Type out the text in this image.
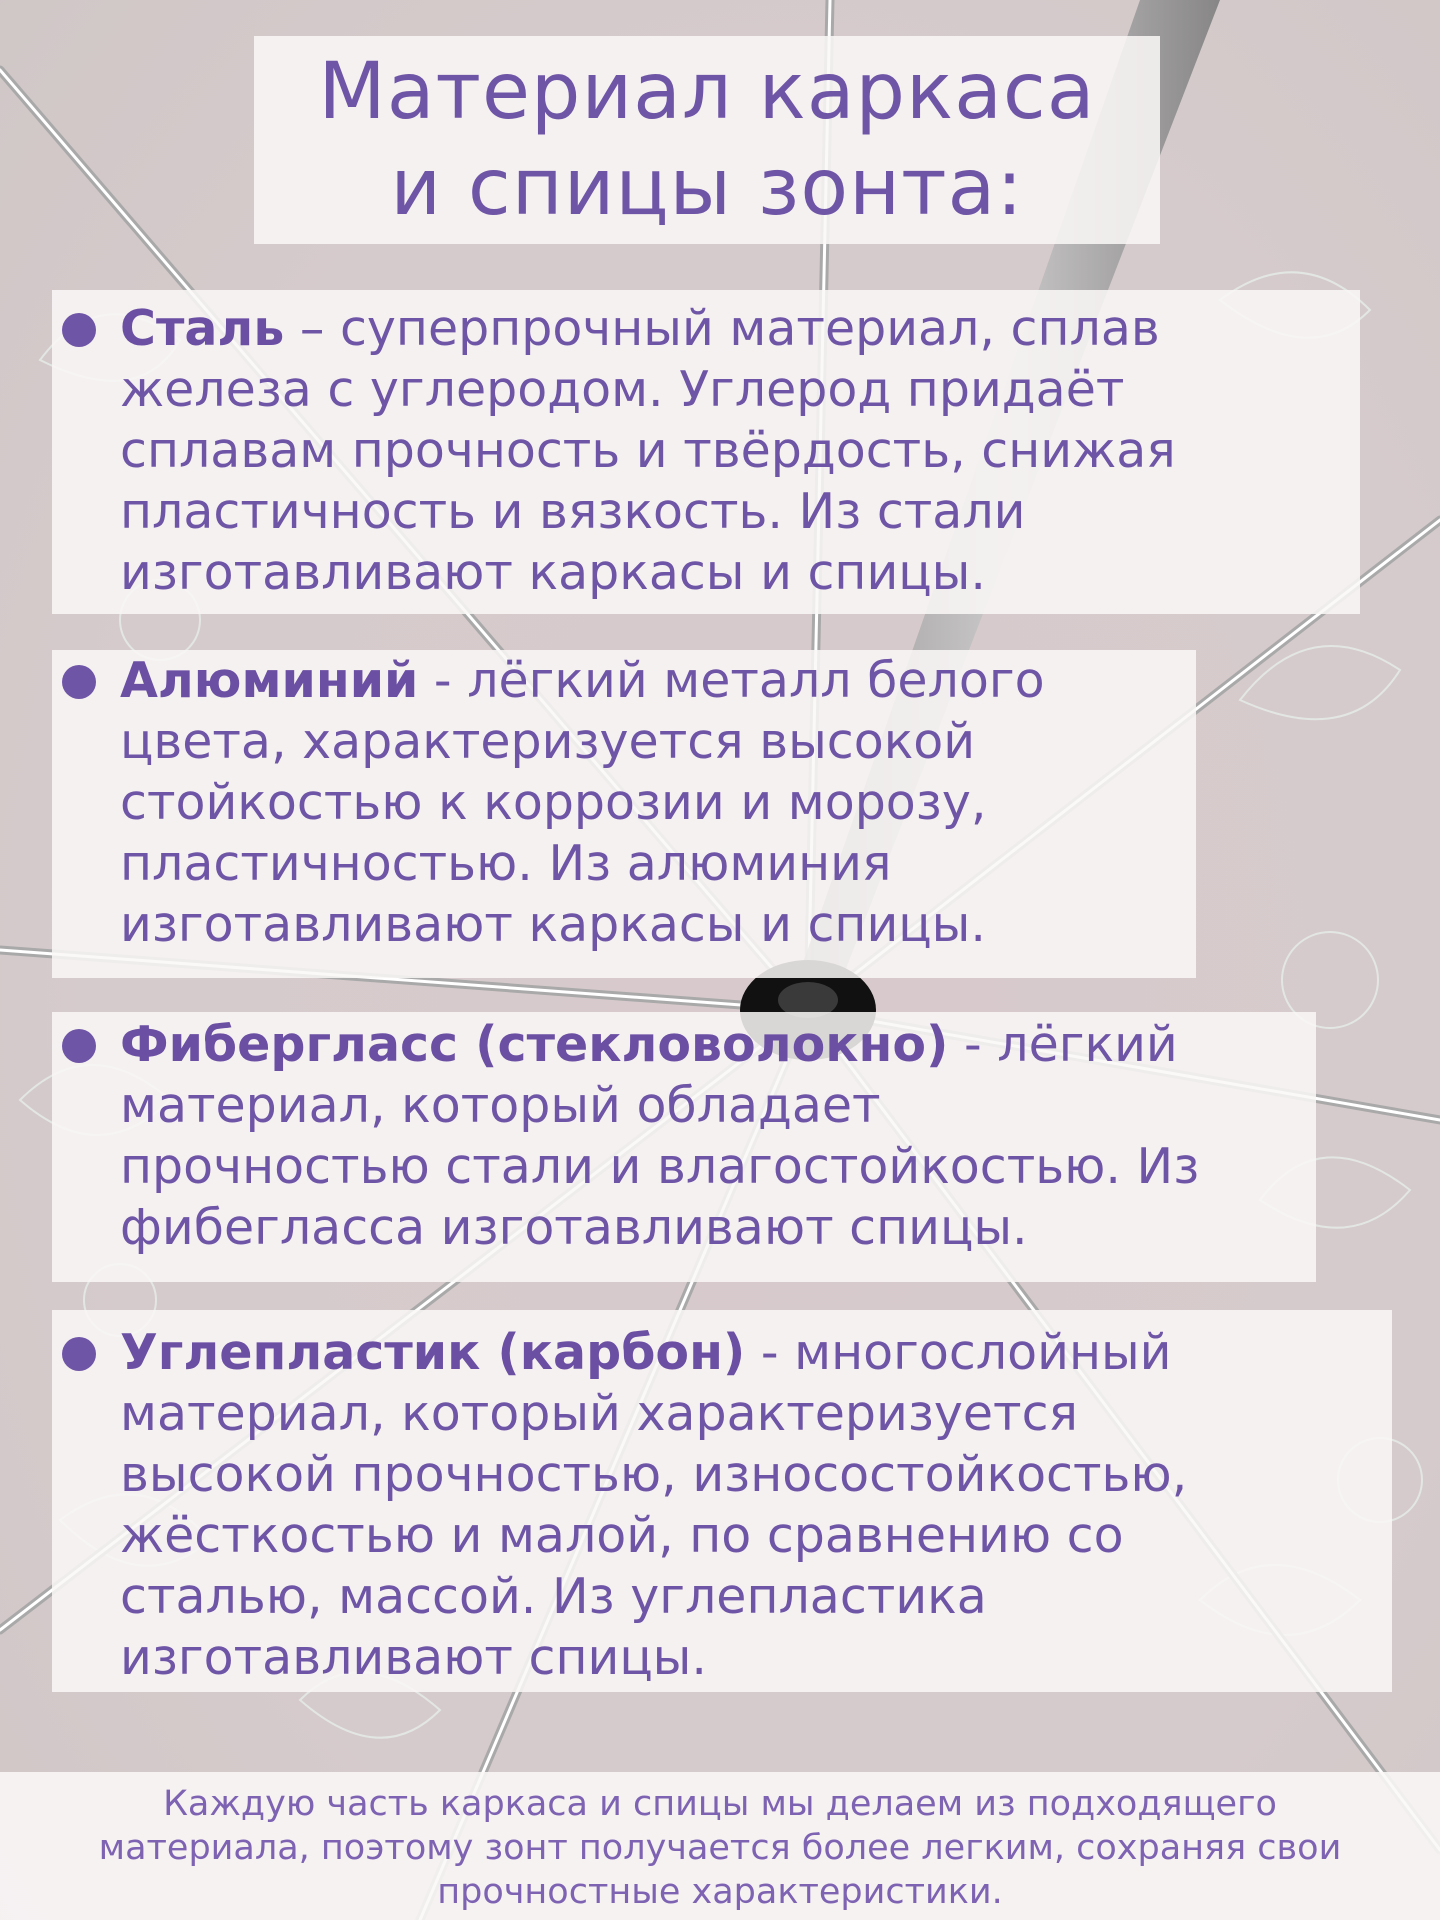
Материал каркаса
и спицы зонта:

Сталь – суперпрочный материал, сплав
железа с углеродом. Углерод придаёт
сплавам прочность и твёрдость, снижая
пластичность и вязкость. Из стали
изготавливают каркасы и спицы.

Алюминий - лёгкий металл белого
цвета, характеризуется высокой
стойкостью к коррозии и морозу,
пластичностью. Из алюминия
изготавливают каркасы и спицы.

Фибергласс (стекловолокно) - лёгкий
материал, который обладает
прочностью стали и влагостойкостью. Из
фибегласса изготавливают спицы.

Углепластик (карбон) - многослойный
материал, который характеризуется
высокой прочностью, износостойкостью,
жёсткостью и малой, по сравнению со
сталью, массой. Из углепластика
изготавливают спицы.

Каждую часть каркаса и спицы мы делаем из подходящего
материала, поэтому зонт получается более легким, сохраняя свои
прочностные характеристики.
